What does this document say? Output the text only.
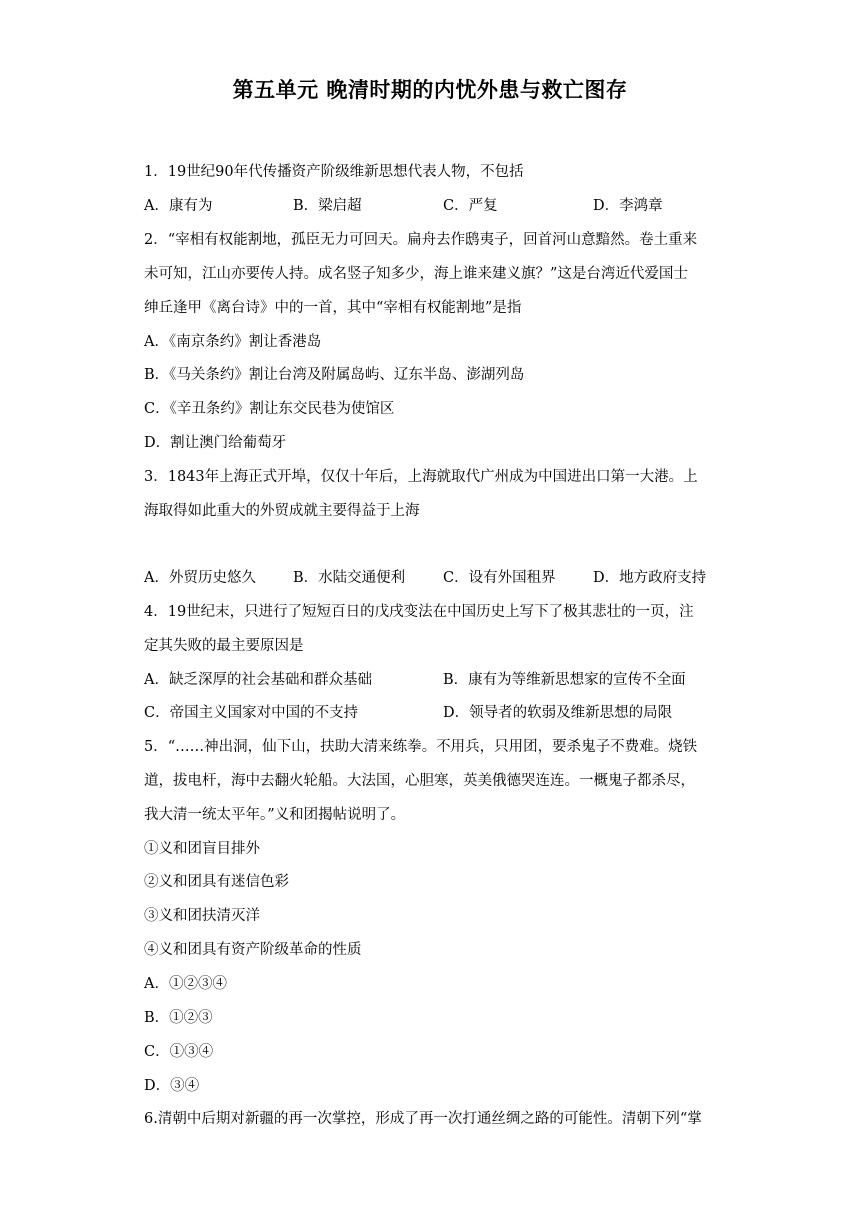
第五单元 晚清时期的内忧外患与救亡图存
1．19世纪90年代传播资产阶级维新思想代表人物，不包括
A．康有为	B．梁启超	C．严复	D．李鸿章
2．“宰相有权能割地，孤臣无力可回天。扁舟去作鸱夷子，回首河山意黯然。卷土重来
未可知，江山亦要传人持。成名竖子知多少，海上谁来建义旗？”这是台湾近代爱国士
绅丘逢甲《离台诗》中的一首，其中“宰相有权能割地”是指
A．《南京条约》割让香港岛
B．《马关条约》割让台湾及附属岛屿、辽东半岛、澎湖列岛
C．《辛丑条约》割让东交民巷为使馆区
D．割让澳门给葡萄牙
3．1843年上海正式开埠，仅仅十年后，上海就取代广州成为中国进出口第一大港。上
海取得如此重大的外贸成就主要得益于上海
A．外贸历史悠久	B．水陆交通便利	C．设有外国租界	D．地方政府支持
4．19世纪末，只进行了短短百日的戊戌变法在中国历史上写下了极其悲壮的一页，注
定其失败的最主要原因是
A．缺乏深厚的社会基础和群众基础	B．康有为等维新思想家的宣传不全面
C．帝国主义国家对中国的不支持	D．领导者的软弱及维新思想的局限
5．“……神出洞，仙下山，扶助大清来练拳。不用兵，只用团，要杀鬼子不费难。烧铁
道，拔电杆，海中去翻火轮船。大法国，心胆寒，英美俄德哭连连。一概鬼子都杀尽，
我大清一统太平年。”义和团揭帖说明了。
①义和团盲目排外
②义和团具有迷信色彩
③义和团扶清灭洋
④义和团具有资产阶级革命的性质
A．①②③④
B．①②③
C．①③④
D．③④
6.清朝中后期对新疆的再一次掌控，形成了再一次打通丝绸之路的可能性。清朝下列“掌
